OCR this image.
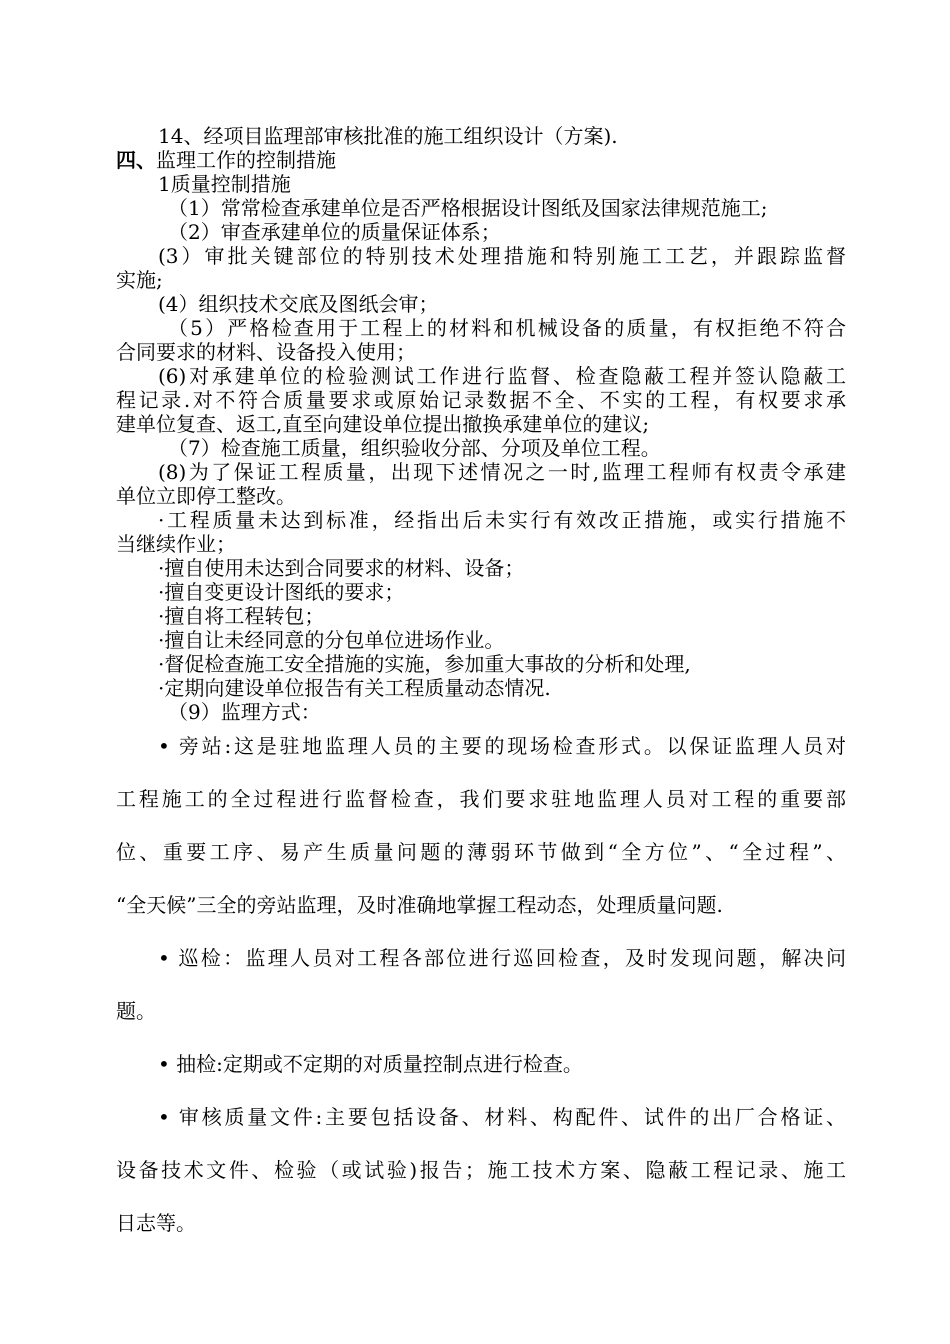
14、经项目监理部审核批准的施工组织设计（方案).
四、监理工作的控制措施
1质量控制措施
（1）常常检查承建单位是否严格根据设计图纸及国家法律规范施工;
（2）审查承建单位的质量保证体系；
(3）审批关键部位的特别技术处理措施和特别施工工艺，并跟踪监督
实施;
(4）组织技术交底及图纸会审；
（5）严格检查用于工程上的材料和机械设备的质量，有权拒绝不符合
合同要求的材料、设备投入使用；
(6)对承建单位的检验测试工作进行监督、检查隐蔽工程并签认隐蔽工
程记录.对不符合质量要求或原始记录数据不全、不实的工程，有权要求承
建单位复查、返工,直至向建设单位提出撤换承建单位的建议;
（7）检查施工质量，组织验收分部、分项及单位工程。
(8)为了保证工程质量，出现下述情况之一时,监理工程师有权责令承建
单位立即停工整改。
·工程质量未达到标准，经指出后未实行有效改正措施，或实行措施不
当继续作业；
·擅自使用未达到合同要求的材料、设备；
·擅自变更设计图纸的要求；
·擅自将工程转包；
·擅自让未经同意的分包单位进场作业。
·督促检查施工安全措施的实施，参加重大事故的分析和处理,
·定期向建设单位报告有关工程质量动态情况.
（9）监理方式：
• 旁站:这是驻地监理人员的主要的现场检查形式。以保证监理人员对
工程施工的全过程进行监督检查，我们要求驻地监理人员对工程的重要部
位、重要工序、易产生质量问题的薄弱环节做到“全方位”、“全过程”、
“全天候”三全的旁站监理，及时准确地掌握工程动态，处理质量问题.
• 巡检：监理人员对工程各部位进行巡回检查，及时发现问题，解决问
题。
• 抽检:定期或不定期的对质量控制点进行检查。
• 审核质量文件:主要包括设备、材料、构配件、试件的出厂合格证、
设备技术文件、检验（或试验)报告；施工技术方案、隐蔽工程记录、施工
日志等。
